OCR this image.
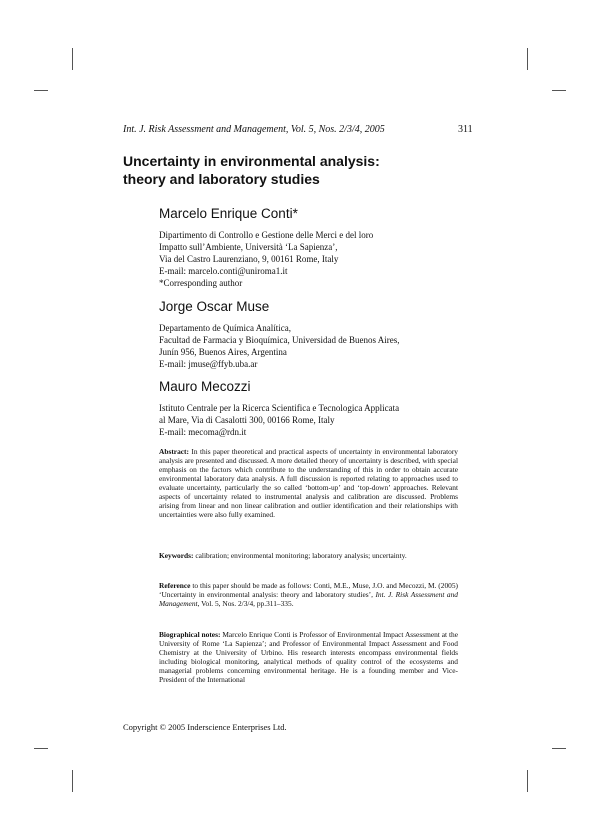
Int. J. Risk Assessment and Management, Vol. 5, Nos. 2/3/4, 2005	311
Uncertainty in environmental analysis:
theory and laboratory studies
Marcelo Enrique Conti*
Dipartimento di Controllo e Gestione delle Merci e del loro
Impatto sull’Ambiente, Università ‘La Sapienza’,
Via del Castro Laurenziano, 9, 00161 Rome, Italy
E-mail: marcelo.conti@uniroma1.it
*Corresponding author
Jorge Oscar Muse
Departamento de Química Analítica,
Facultad de Farmacia y Bioquímica, Universidad de Buenos Aires,
Junín 956, Buenos Aires, Argentina
E-mail: jmuse@ffyb.uba.ar
Mauro Mecozzi
Istituto Centrale per la Ricerca Scientifica e Tecnologica Applicata
al Mare, Via di Casalotti 300, 00166 Rome, Italy
E-mail: mecoma@rdn.it
Abstract: In this paper theoretical and practical aspects of uncertainty in environmental laboratory analysis are presented and discussed. A more detailed theory of uncertainty is described, with special emphasis on the factors which contribute to the understanding of this in order to obtain accurate environmental laboratory data analysis. A full discussion is reported relating to approaches used to evaluate uncertainty, particularly the so called ‘bottom-up’ and ‘top-down’ approaches. Relevant aspects of uncertainty related to instrumental analysis and calibration are discussed. Problems arising from linear and non linear calibration and outlier identification and their relationships with uncertainties were also fully examined.
Keywords: calibration; environmental monitoring; laboratory analysis; uncertainty.
Reference to this paper should be made as follows: Conti, M.E., Muse, J.O. and Mecozzi, M. (2005) ‘Uncertainty in environmental analysis: theory and laboratory studies’, Int. J. Risk Assessment and Management, Vol. 5, Nos. 2/3/4, pp.311–335.
Biographical notes: Marcelo Enrique Conti is Professor of Environmental Impact Assessment at the University of Rome ‘La Sapienza’; and Professor of Environmental Impact Assessment and Food Chemistry at the University of Urbino. His research interests encompass environmental fields including biological monitoring, analytical methods of quality control of the ecosystems and managerial problems concerning environmental heritage. He is a founding member and Vice-President of the International
Copyright © 2005 Inderscience Enterprises Ltd.
